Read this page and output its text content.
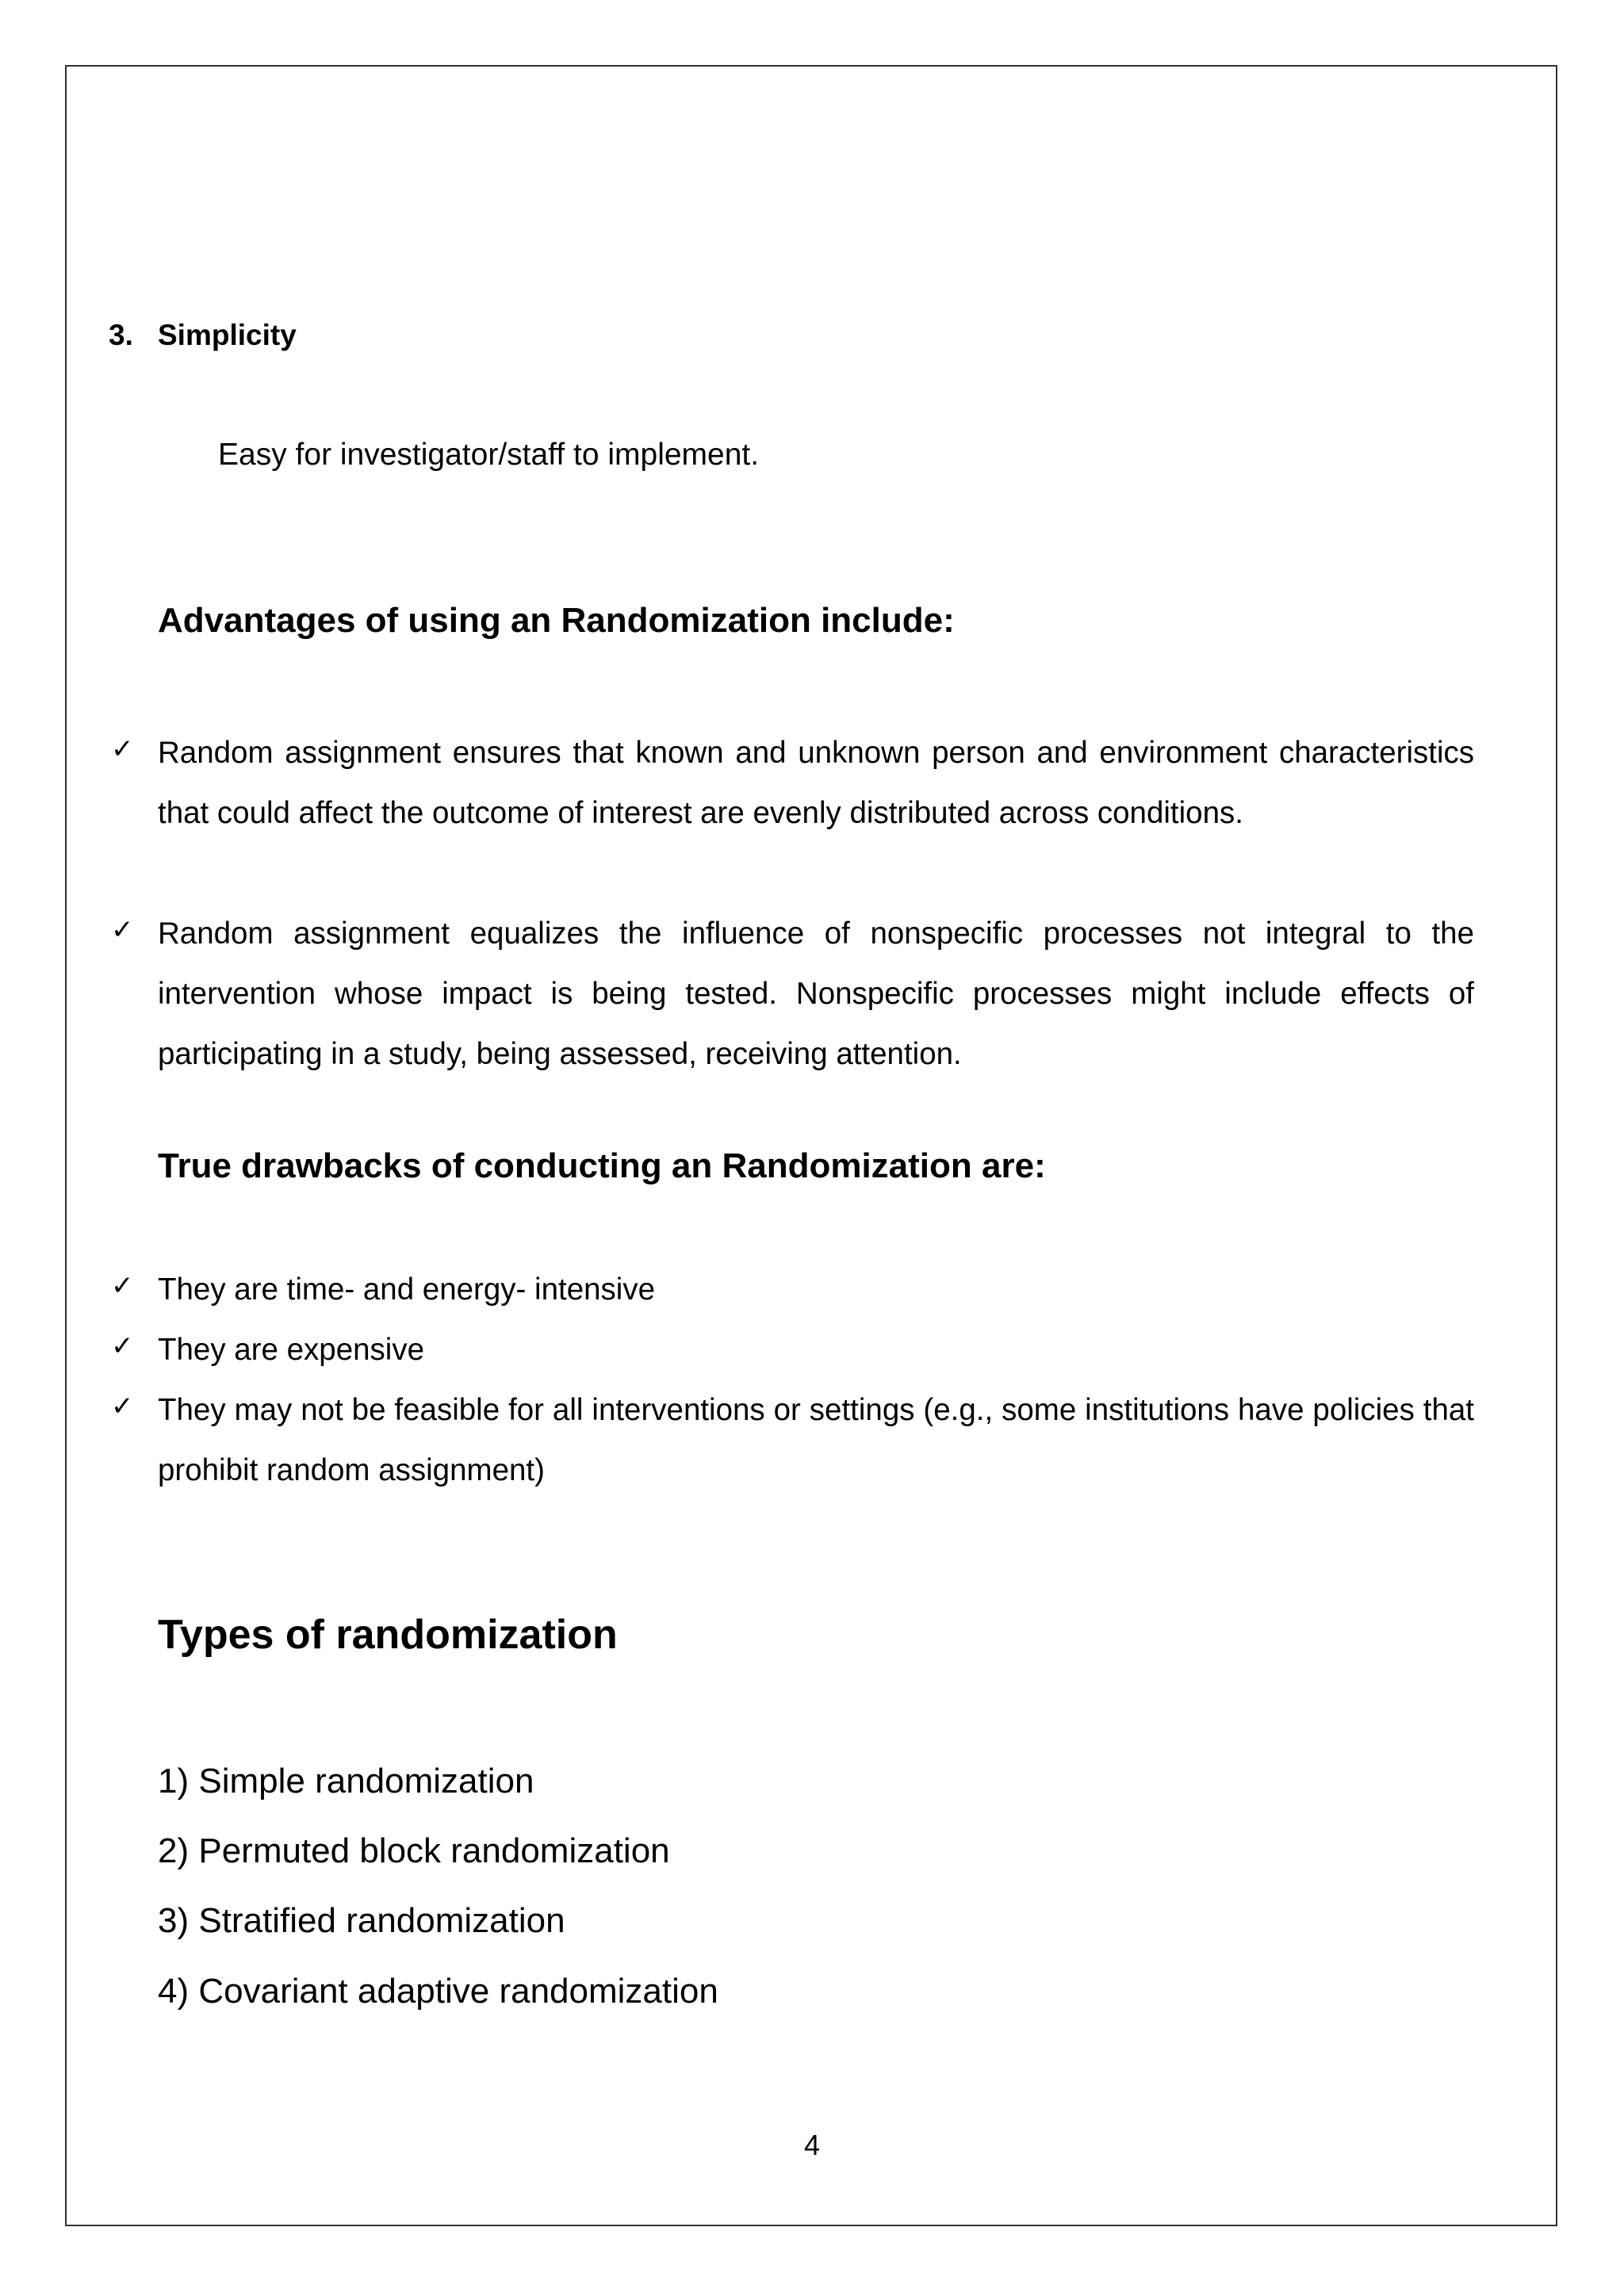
3. Simplicity
Easy for investigator/staff to implement.
Advantages of using an Randomization include:
✓ Random assignment ensures that known and unknown person and environment characteristics that could affect the outcome of interest are evenly distributed across conditions.
✓ Random assignment equalizes the influence of nonspecific processes not integral to the intervention whose impact is being tested. Nonspecific processes might include effects of participating in a study, being assessed, receiving attention.
True drawbacks of conducting an Randomization are:
✓ They are time- and energy- intensive
✓ They are expensive
✓ They may not be feasible for all interventions or settings (e.g., some institutions have policies that prohibit random assignment)
Types of randomization
1) Simple randomization
2) Permuted block randomization
3) Stratified randomization
4) Covariant adaptive randomization
4
